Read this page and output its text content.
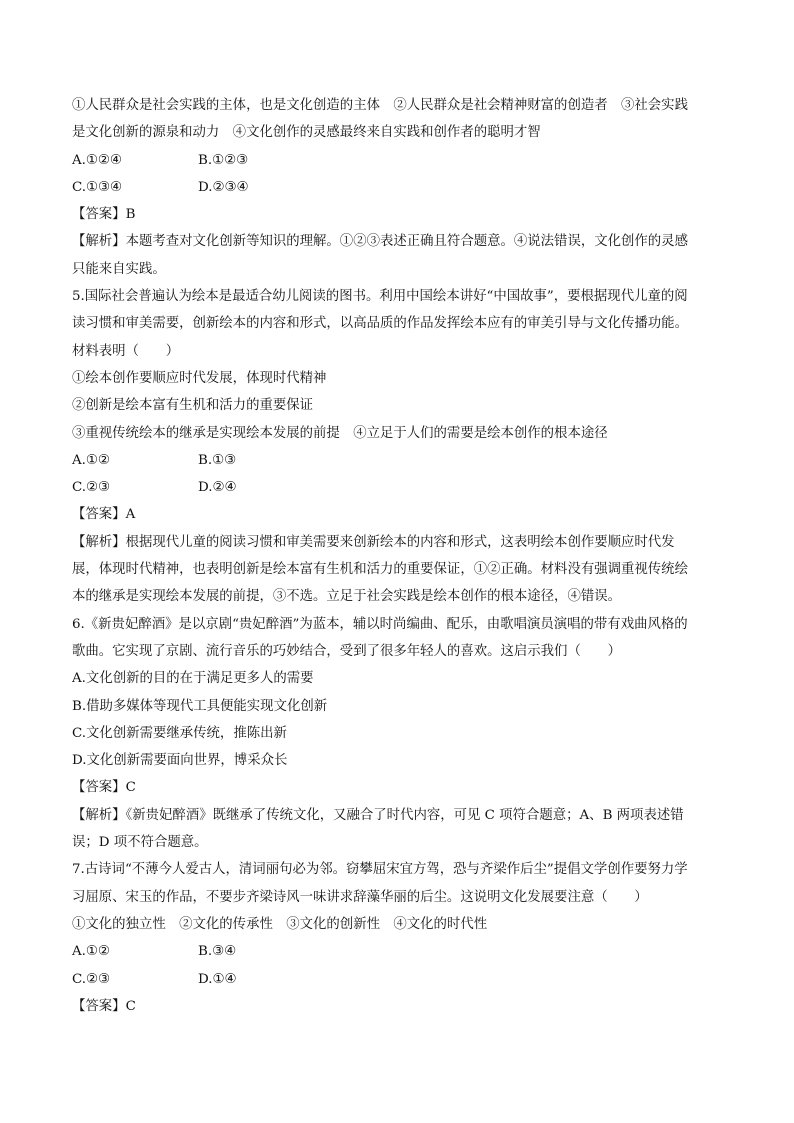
①人民群众是社会实践的主体，也是文化创造的主体　②人民群众是社会精神财富的创造者　③社会实践
是文化创新的源泉和动力　④文化创作的灵感最终来自实践和创作者的聪明才智
A.①②④	B.①②③
C.①③④	D.②③④
【答案】B
【解析】本题考查对文化创新等知识的理解。①②③表述正确且符合题意。④说法错误，文化创作的灵感
只能来自实践。
5.国际社会普遍认为绘本是最适合幼儿阅读的图书。利用中国绘本讲好“中国故事”，要根据现代儿童的阅
读习惯和审美需要，创新绘本的内容和形式，以高品质的作品发挥绘本应有的审美引导与文化传播功能。
材料表明（　　）
①绘本创作要顺应时代发展，体现时代精神
②创新是绘本富有生机和活力的重要保证
③重视传统绘本的继承是实现绘本发展的前提　④立足于人们的需要是绘本创作的根本途径
A.①②	B.①③
C.②③	D.②④
【答案】A
【解析】根据现代儿童的阅读习惯和审美需要来创新绘本的内容和形式，这表明绘本创作要顺应时代发
展，体现时代精神，也表明创新是绘本富有生机和活力的重要保证，①②正确。材料没有强调重视传统绘
本的继承是实现绘本发展的前提，③不选。立足于社会实践是绘本创作的根本途径，④错误。
6.《新贵妃醉酒》是以京剧“贵妃醉酒”为蓝本，辅以时尚编曲、配乐，由歌唱演员演唱的带有戏曲风格的
歌曲。它实现了京剧、流行音乐的巧妙结合，受到了很多年轻人的喜欢。这启示我们（　　）
A.文化创新的目的在于满足更多人的需要
B.借助多媒体等现代工具便能实现文化创新
C.文化创新需要继承传统，推陈出新
D.文化创新需要面向世界，博采众长
【答案】C
【解析】《新贵妃醉酒》既继承了传统文化，又融合了时代内容，可见 C 项符合题意；A、B 两项表述错
误；D 项不符合题意。
7.古诗词“不薄今人爱古人，清词丽句必为邻。窃攀屈宋宜方驾，恐与齐梁作后尘”提倡文学创作要努力学
习屈原、宋玉的作品，不要步齐梁诗风一味讲求辞藻华丽的后尘。这说明文化发展要注意（　　）
①文化的独立性　②文化的传承性　③文化的创新性　④文化的时代性
A.①②	B.③④
C.②③	D.①④
【答案】C
